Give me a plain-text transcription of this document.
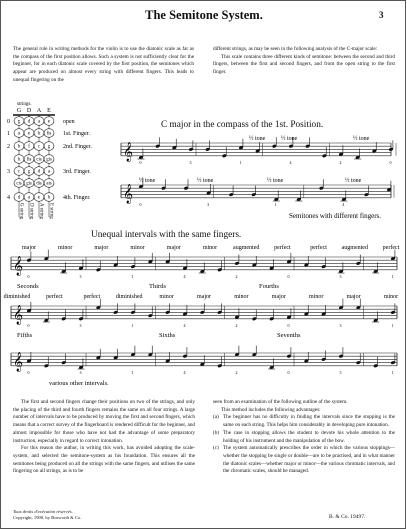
The Semitone System.	3
The general rule in writing methods for the violin is to use the diatonic scale as far as the compass of the first position allows. Such a system is not sufficiently clear for the beginner, for in each diatonic scale covered by the first position, the semitones which appear are produced on almost every string with different fingers. This leads to unequal fingering on the
different strings, as may be seen in the following analysis of the C-major scale:
This scale contains three different kinds of semitone: between the second and third fingers, between the first and second fingers, and from the open string to the first finger.
strings.
G D A E
0 g d a e open
1 a e h fis 1st. Finger.
2 b f c g 2nd. Finger.
h fis cis gis
3 c g d a 3rd. Finger.
cis gis dis ais
4 d a e h 4th. Finger.
G string D string A string E string
C major in the compass of the 1st. Position.
𝄞
½ tone	½ tone	½ tone
0	3	1	4	2	0
𝄞
½ tone	½ tone	½ tone	½ tone
Semitones with different fingers.
0	3	1	4
Unequal intervals with the same fingers.
major	minor	major	minor	major	minor	augmented perfect	perfect augmented perfect
𝄞
0	3	1	4	2	0	3	1
Seconds	Thirds	Fourths
diminished	perfect	perfect	diminished	minor	major	minor	major	minor	major	minor
𝄞
0	3	1	4	2	0	3	1
Fifths	Sixths	Sevenths
𝄞
0	3	1	4	2	0	3	1
various other intervals.
The first and second fingers change their positions on two of the strings, and only the placing of the third and fourth fingers remains the same on all four strings. A large number of intervals have to be produced by moving the first and second fingers, which means that a correct survey of the fingerboard is rendered difficult for the beginner, and almost impossible for those who have not had the advantage of some preparatory instruction, especially in regard to correct intonation. For this reason the author, in writing this work, has avoided adopting the scale-system, and selected the semitone-system as his foundation. This ensures all the semitones being produced on all the strings with the same fingers, and utilises the same fingering on all strings, as is to be
seen from an examination of the following outline of the system.
This method includes the following advantages:
(a) The beginner has no difficulty in finding the intervals since the stopping is the same on each string. This helps him considerably in developing pure intonation.
(b) The case in stopping allows the student to devote his whole attention to the holding of his instrument and the manipulation of the bow.
(c) The system automatically prescribes the order in which the various stoppings—whether the stopping be single or double—are to be practised, and in what manner the diatonic scales—whether major or minor—the various chromatic intervals, and the chromatic scales, should be managed.
Tous droits d'exécution réservés.
Copyright, 1900, by Bosworth & Co.	B. & Co. 19497.
